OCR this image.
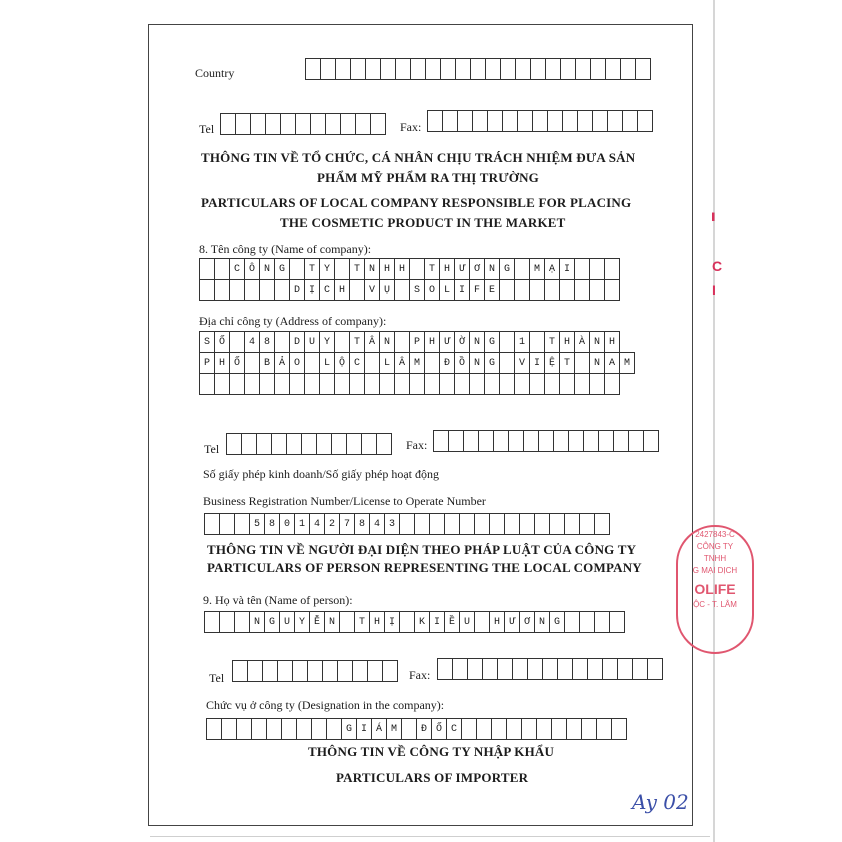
▌
C
I
Country
Tel	Fax:
THÔNG TIN VỀ TỔ CHỨC, CÁ NHÂN CHỊU TRÁCH NHIỆM ĐƯA SẢN
PHẨM MỸ PHẨM RA THỊ TRƯỜNG
PARTICULARS OF LOCAL COMPANY RESPONSIBLE FOR PLACING
THE COSMETIC PRODUCT IN THE MARKET
8. Tên công ty (Name of company):
C Ô N G	T Y	T N H H	T H Ư Ơ N G	M Ạ I
D Ị C H	V Ụ	S O L I F E
Địa chỉ công ty (Address of company):
S Ố	4 8	D U Y	T Â N	P H Ư Ờ N G	1	T H À N H
P H Ố	B Ả O	L Ộ C	L Â M	Đ Ồ N G	V I Ệ T	N A M
Tel	Fax:
Số giấy phép kinh doanh/Số giấy phép hoạt động
Business Registration Number/License to Operate Number
5 8 0 1 4 2 7 8 4 3
THÔNG TIN VỀ NGƯỜI ĐẠI DIỆN THEO PHÁP LUẬT CỦA CÔNG TY
PARTICULARS OF PERSON REPRESENTING THE LOCAL COMPANY
9. Họ và tên (Name of person):
N G U Y Ễ N	T H Ị	K I Ề U	H Ư Ơ N G
Tel	Fax:
Chức vụ ở công ty (Designation in the company):
G I Á M	Đ Ố C
THÔNG TIN VỀ CÔNG TY NHẬP KHẨU
PARTICULARS OF IMPORTER
2427843-C
CÔNG TY
TNHH
G MẠI DỊCH
OLIFE
ỘC - T. LÂM
Ay 02
